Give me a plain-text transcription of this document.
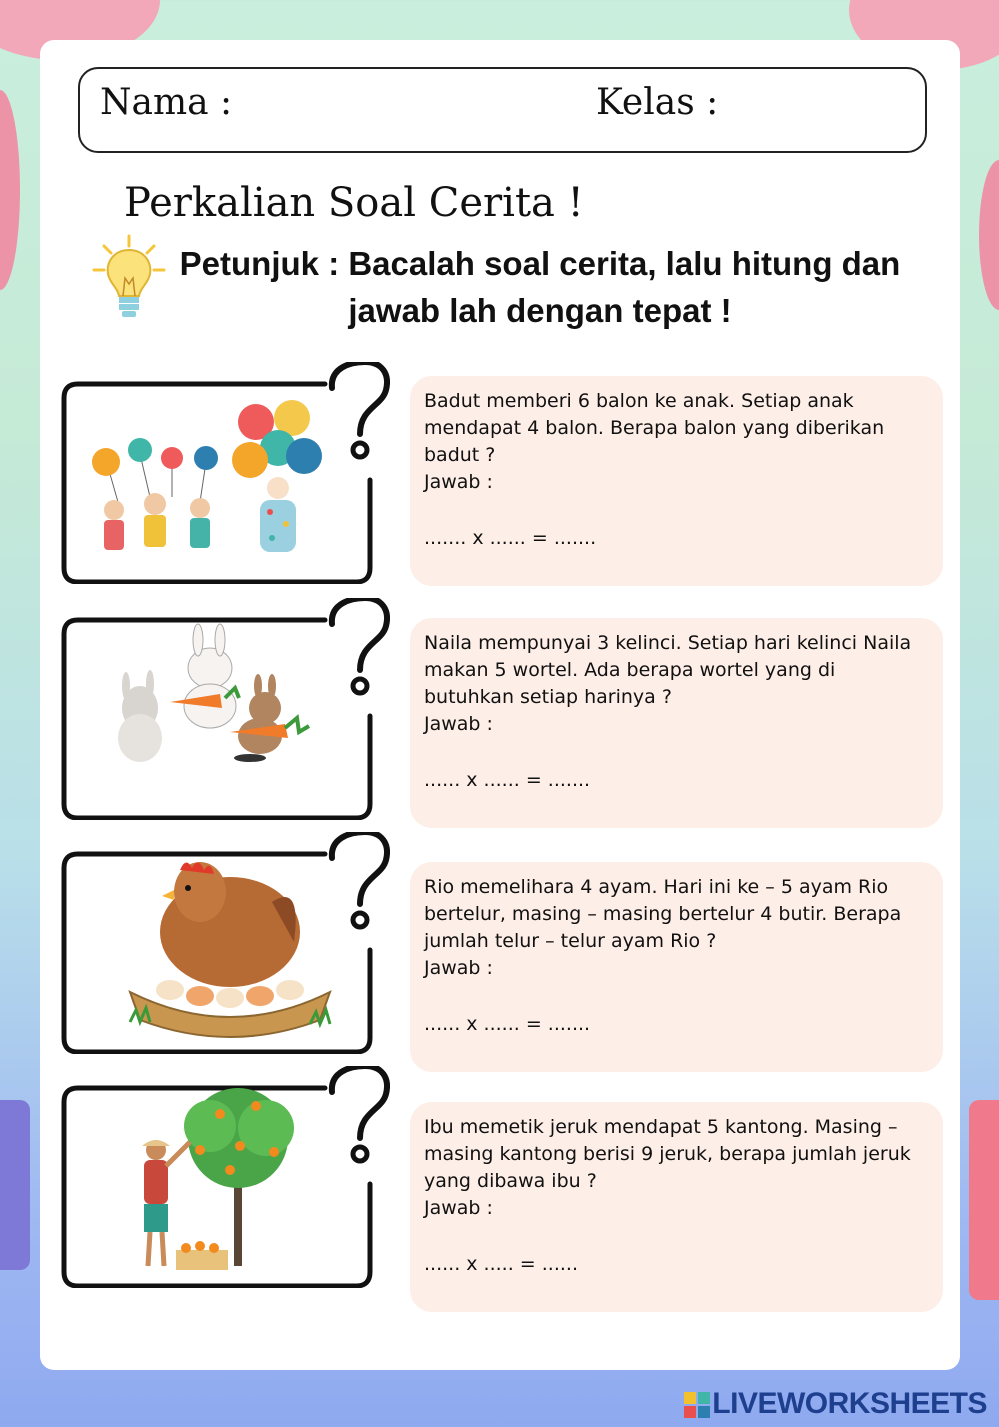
Nama :	Kelas :
Perkalian Soal Cerita !
Petunjuk : Bacalah soal cerita, lalu hitung dan
jawab lah dengan tepat !
Badut memberi 6 balon ke anak. Setiap anak mendapat 4 balon. Berapa balon yang diberikan badut ?
Jawab :
....... x ...... = .......
Naila mempunyai 3 kelinci. Setiap hari kelinci Naila makan 5 wortel. Ada berapa wortel yang di butuhkan setiap harinya ?
Jawab :
...... x ...... = .......
Rio memelihara 4 ayam. Hari ini ke – 5 ayam Rio bertelur, masing – masing bertelur 4 butir. Berapa jumlah telur – telur ayam Rio ?
Jawab :
...... x ...... = .......
Ibu memetik jeruk mendapat 5 kantong. Masing – masing kantong berisi 9 jeruk, berapa jumlah jeruk yang dibawa ibu ?
Jawab :
...... x ..... = ......
LIVEWORKSHEETS
